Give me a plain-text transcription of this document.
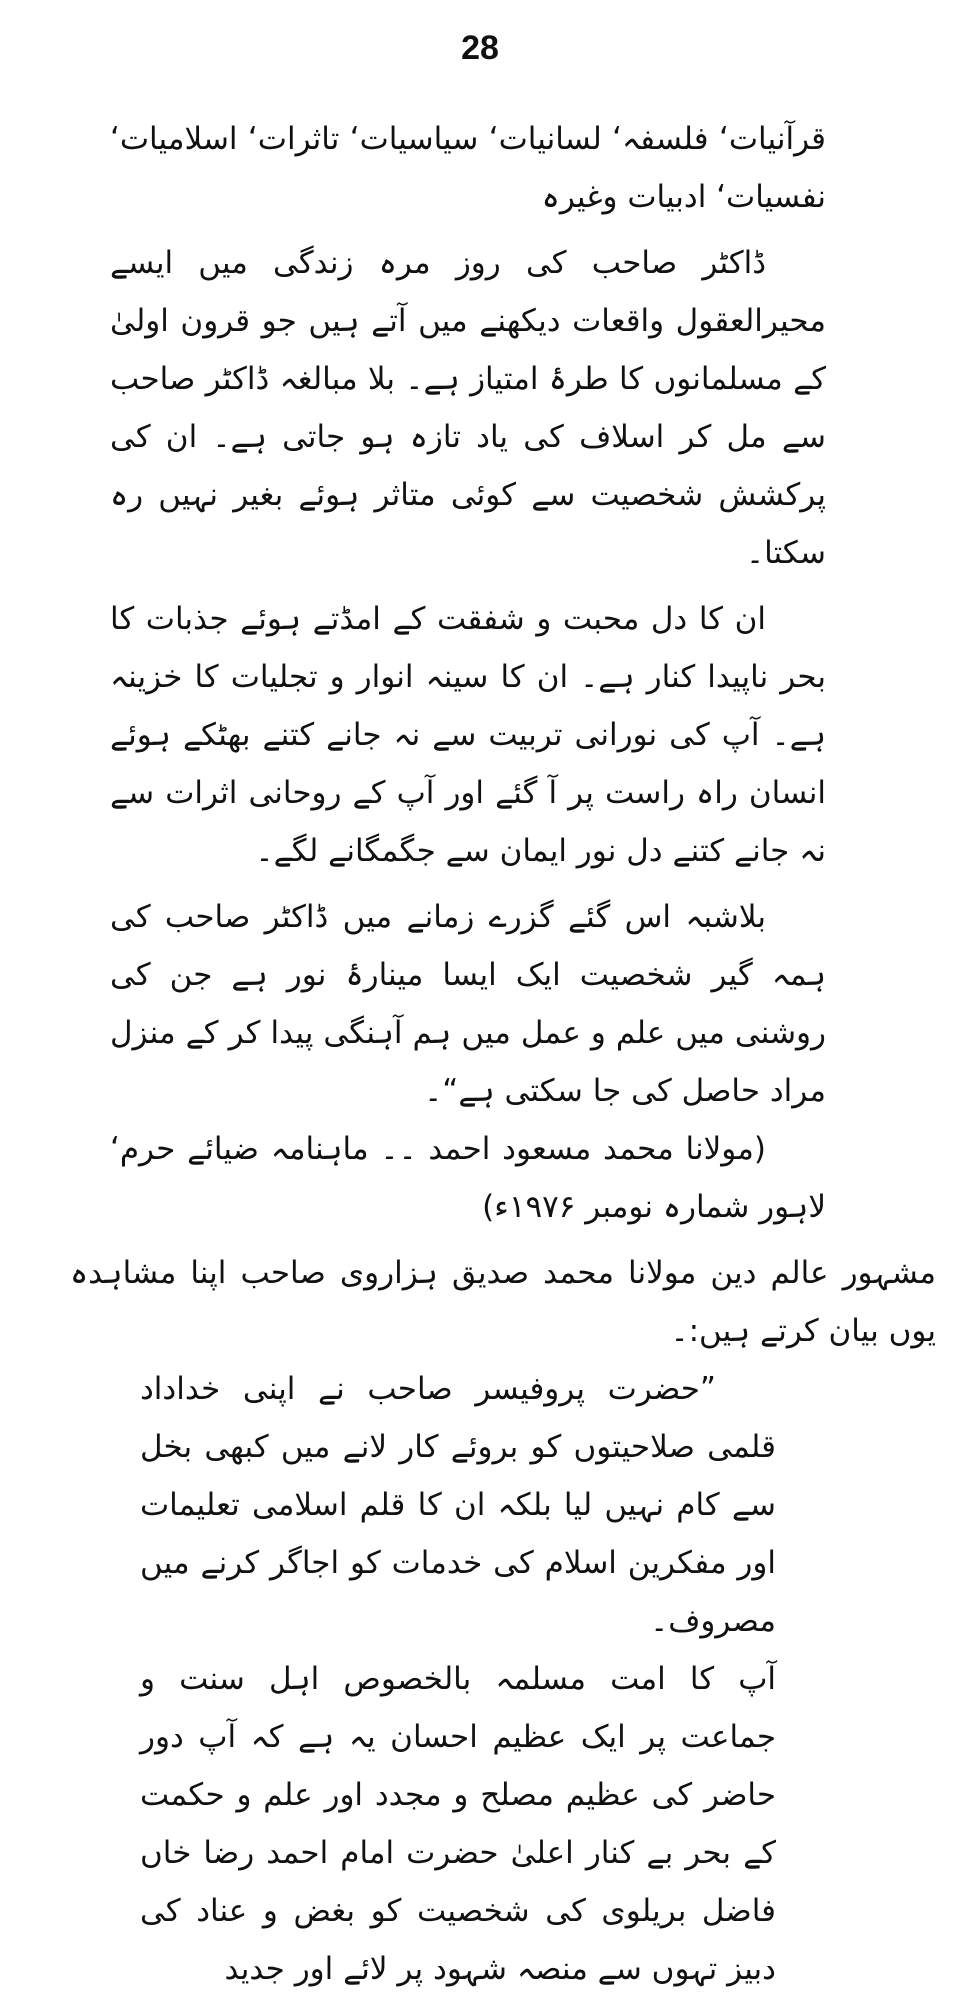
28

قرآنیات‘ فلسفہ‘ لسانیات‘ سیاسیات‘ تاثرات‘ اسلامیات‘ نفسیات‘ ادبیات وغیرہ

ڈاکٹر صاحب کی روز مرہ زندگی میں ایسے محیرالعقول واقعات دیکھنے میں آتے ہیں جو قرون اولیٰ کے مسلمانوں کا طرۂ امتیاز ہے۔ بلا مبالغہ ڈاکٹر صاحب سے مل کر اسلاف کی یاد تازہ ہو جاتی ہے۔ ان کی پرکشش شخصیت سے کوئی متاثر ہوئے بغیر نہیں رہ سکتا۔

ان کا دل محبت و شفقت کے امڈتے ہوئے جذبات کا بحر ناپیدا کنار ہے۔ ان کا سینہ انوار و تجلیات کا خزینہ ہے۔ آپ کی نورانی تربیت سے نہ جانے کتنے بھٹکے ہوئے انسان راہ راست پر آ گئے اور آپ کے روحانی اثرات سے نہ جانے کتنے دل نور ایمان سے جگمگانے لگے۔

بلاشبہ اس گئے گزرے زمانے میں ڈاکٹر صاحب کی ہمہ گیر شخصیت ایک ایسا مینارۂ نور ہے جن کی روشنی میں علم و عمل میں ہم آہنگی پیدا کر کے منزل مراد حاصل کی جا سکتی ہے“۔

(مولانا محمد مسعود احمد ۔۔ ماہنامہ ضیائے حرم‘ لاہور شمارہ نومبر ۱۹۷۶ء)

مشہور عالم دین مولانا محمد صدیق ہزاروی صاحب اپنا مشاہدہ یوں بیان کرتے ہیں:۔

”حضرت پروفیسر صاحب نے اپنی خداداد قلمی صلاحیتوں کو بروئے کار لانے میں کبھی بخل سے کام نہیں لیا بلکہ ان کا قلم اسلامی تعلیمات اور مفکرین اسلام کی خدمات کو اجاگر کرنے میں مصروف۔

آپ کا امت مسلمہ بالخصوص اہل سنت و جماعت پر ایک عظیم احسان یہ ہے کہ آپ دور حاضر کی عظیم مصلح و مجدد اور علم و حکمت کے بحر بے کنار اعلیٰ حضرت امام احمد رضا خاں فاضل بریلوی کی شخصیت کو بغض و عناد کی دبیز تہوں سے منصہ شہود پر لائے اور جدید
